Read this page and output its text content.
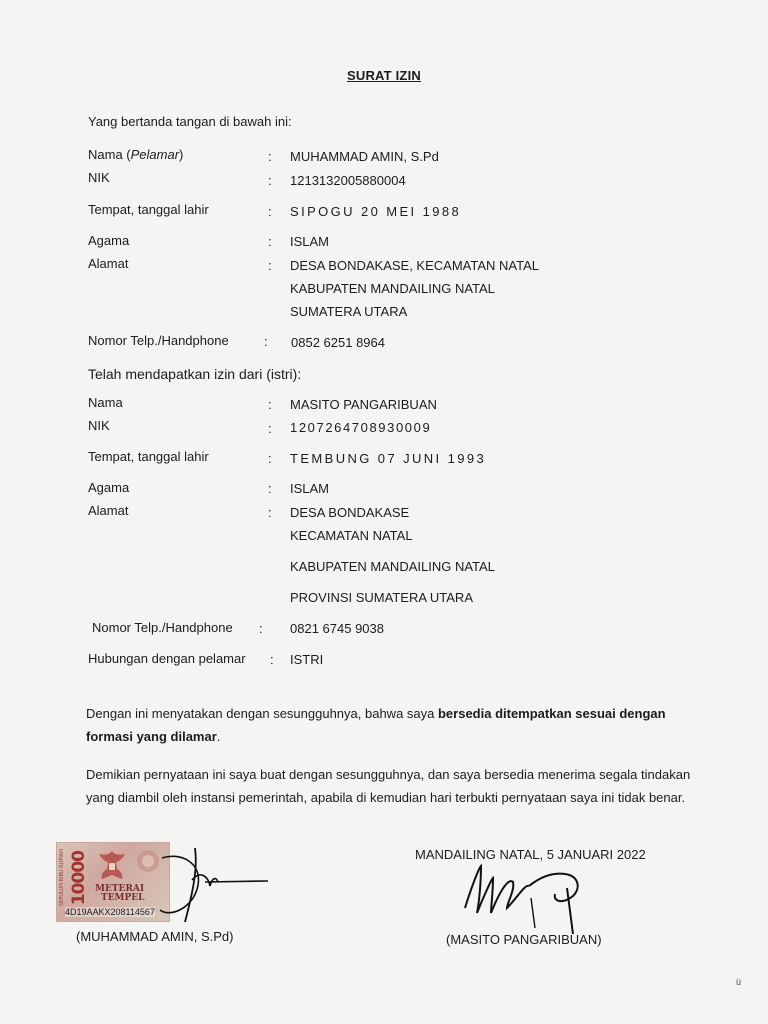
SURAT IZIN
Yang bertanda tangan di bawah ini:
Nama (Pelamar)	: MUHAMMAD AMIN, S.Pd
NIK	: 1213132005880004
Tempat, tanggal lahir	: SIPOGU 20 MEI 1988
Agama	: ISLAM
Alamat	: DESA BONDAKASE, KECAMATAN NATAL
KABUPATEN MANDAILING NATAL
SUMATERA UTARA
Nomor Telp./Handphone	: 0852 6251 8964
Telah mendapatkan izin dari (istri):
Nama	: MASITO PANGARIBUAN
NIK	: 1207264708930009
Tempat, tanggal lahir	: TEMBUNG 07 JUNI 1993
Agama	: ISLAM
Alamat	: DESA BONDAKASE
KECAMATAN NATAL
KABUPATEN MANDAILING NATAL
PROVINSI SUMATERA UTARA
Nomor Telp./Handphone : 0821 6745 9038
Hubungan dengan pelamar : ISTRI
Dengan ini menyatakan dengan sesungguhnya, bahwa saya bersedia ditempatkan sesuai dengan formasi yang dilamar.
Demikian pernyataan ini saya buat dengan sesungguhnya, dan saya bersedia menerima segala tindakan yang diambil oleh instansi pemerintah, apabila di kemudian hari terbukti pernyataan saya ini tidak benar.
MANDAILING NATAL, 5 JANUARI 2022
SEPULUH RIBU RUPIAH 10000 METERAI
TEMPEL
4D19AAKX208114567
(MUHAMMAD AMIN, S.Pd)	(MASITO PANGARIBUAN)
ü
